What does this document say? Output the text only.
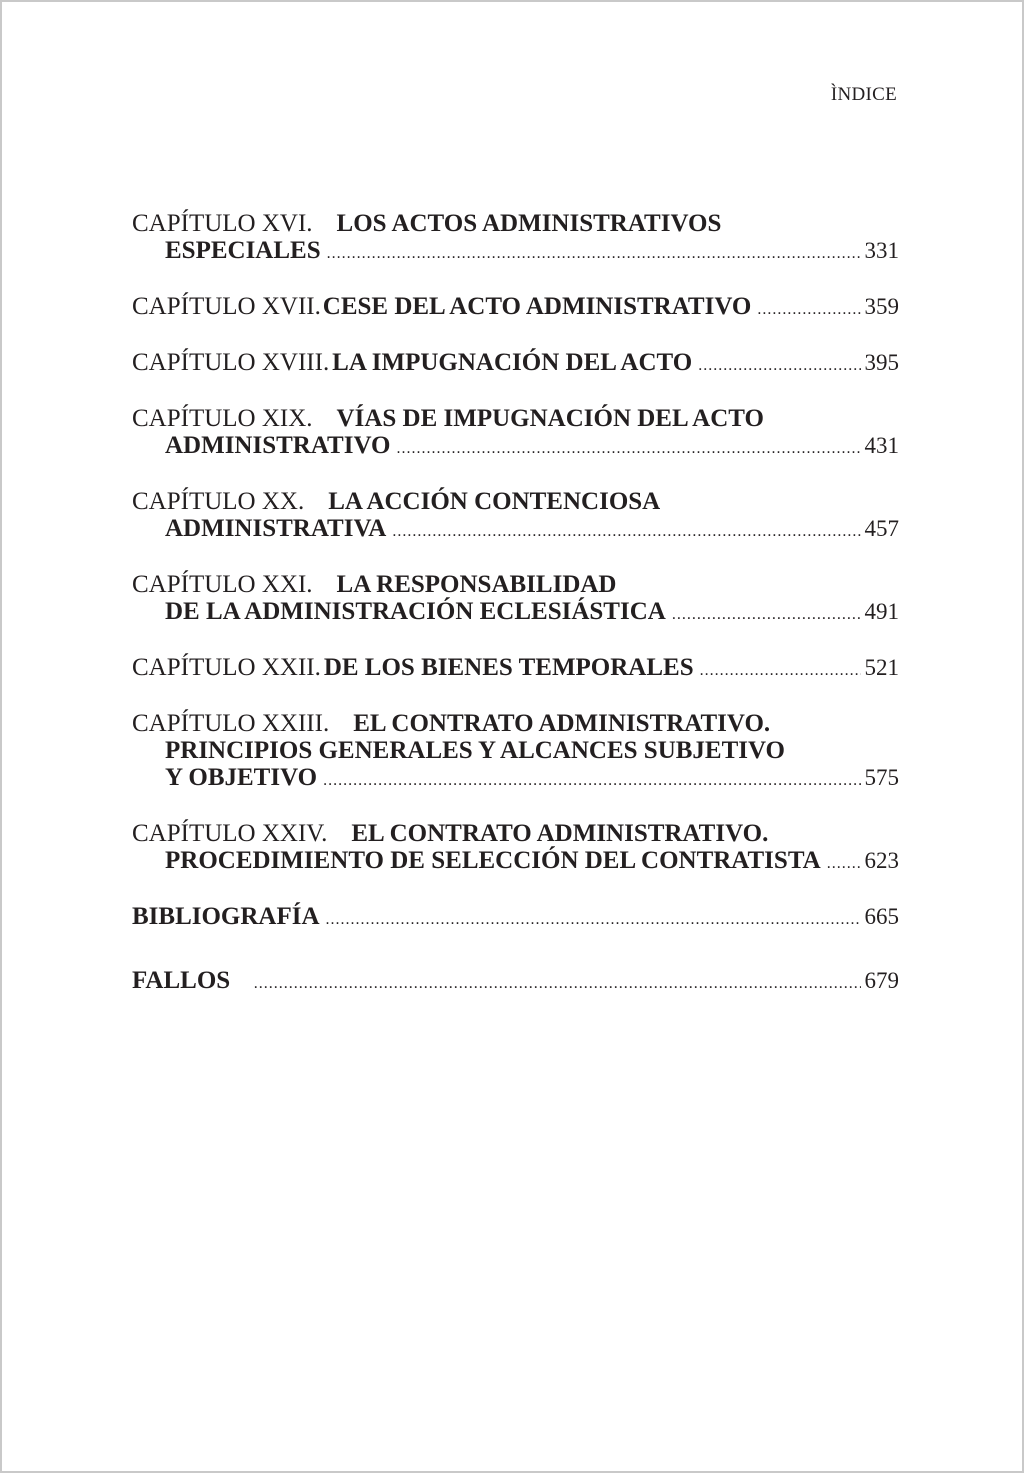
ÌNDICE
CAPÍTULO XVI. LOS ACTOS ADMINISTRATIVOS
ESPECIALES .....	331
CAPÍTULO XVII. CESE DEL ACTO ADMINISTRATIVO .....	359
CAPÍTULO XVIII. LA IMPUGNACIÓN DEL ACTO .....	395
CAPÍTULO XIX. VÍAS DE IMPUGNACIÓN DEL ACTO
ADMINISTRATIVO .....	431
CAPÍTULO XX. LA ACCIÓN CONTENCIOSA
ADMINISTRATIVA .....	457
CAPÍTULO XXI. LA RESPONSABILIDAD
DE LA ADMINISTRACIÓN ECLESIÁSTICA .....	491
CAPÍTULO XXII. DE LOS BIENES TEMPORALES .....	521
CAPÍTULO XXIII. EL CONTRATO ADMINISTRATIVO.
PRINCIPIOS GENERALES Y ALCANCES SUBJETIVO
Y OBJETIVO .....	575
CAPÍTULO XXIV. EL CONTRATO ADMINISTRATIVO.
PROCEDIMIENTO DE SELECCIÓN DEL CONTRATISTA ..... 623
BIBLIOGRAFÍA .....	665
FALLOS .....	679
